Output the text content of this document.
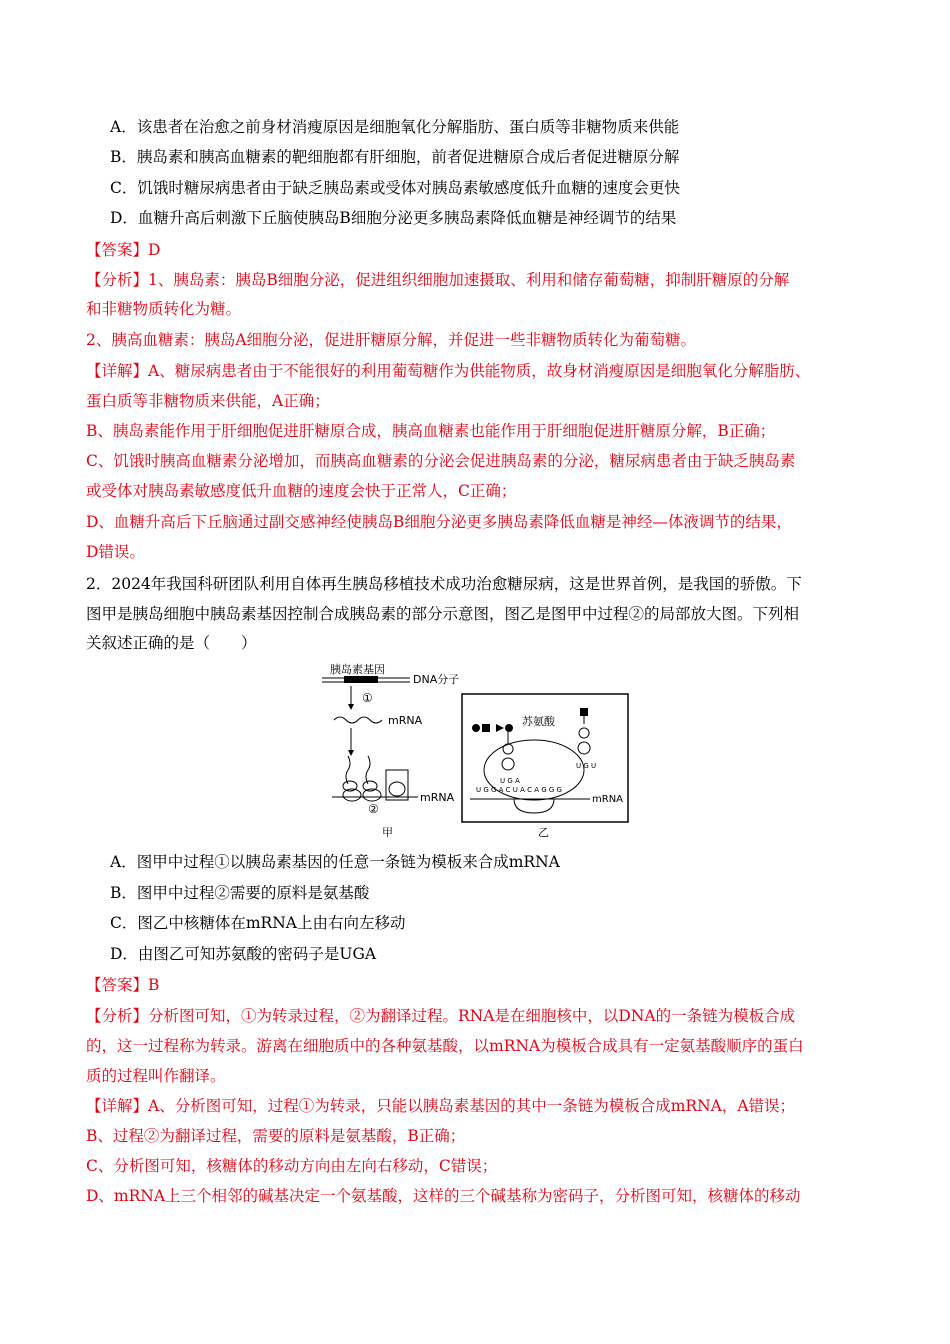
A．该患者在治愈之前身材消瘦原因是细胞氧化分解脂肪、蛋白质等非糖物质来供能
B．胰岛素和胰高血糖素的靶细胞都有肝细胞，前者促进糖原合成后者促进糖原分解
C．饥饿时糖尿病患者由于缺乏胰岛素或受体对胰岛素敏感度低升血糖的速度会更快
D．血糖升高后刺激下丘脑使胰岛B细胞分泌更多胰岛素降低血糖是神经调节的结果
【答案】D
【分析】1、胰岛素：胰岛B细胞分泌，促进组织细胞加速摄取、利用和储存葡萄糖，抑制肝糖原的分解
和非糖物质转化为糖。
2、胰高血糖素：胰岛A细胞分泌，促进肝糖原分解，并促进一些非糖物质转化为葡萄糖。
【详解】A、糖尿病患者由于不能很好的利用葡萄糖作为供能物质，故身材消瘦原因是细胞氧化分解脂肪、
蛋白质等非糖物质来供能，A正确；
B、胰岛素能作用于肝细胞促进肝糖原合成，胰高血糖素也能作用于肝细胞促进肝糖原分解，B正确；
C、饥饿时胰高血糖素分泌增加，而胰高血糖素的分泌会促进胰岛素的分泌，糖尿病患者由于缺乏胰岛素
或受体对胰岛素敏感度低升血糖的速度会快于正常人，C正确；
D、血糖升高后下丘脑通过副交感神经使胰岛B细胞分泌更多胰岛素降低血糖是神经—体液调节的结果，
D错误。
2．2024年我国科研团队利用自体再生胰岛移植技术成功治愈糖尿病，这是世界首例，是我国的骄傲。下
图甲是胰岛细胞中胰岛素基因控制合成胰岛素的部分示意图，图乙是图甲中过程②的局部放大图。下列相
关叙述正确的是（　　）
胰岛素基因
DNA分子
①
mRNA
②
mRNA
甲
苏氨酸
U G A
U G U
U G G A C U A C A G G G
mRNA
乙
A．图甲中过程①以胰岛素基因的任意一条链为模板来合成mRNA
B．图甲中过程②需要的原料是氨基酸
C．图乙中核糖体在mRNA上由右向左移动
D．由图乙可知苏氨酸的密码子是UGA
【答案】B
【分析】分析图可知，①为转录过程，②为翻译过程。RNA是在细胞核中，以DNA的一条链为模板合成
的，这一过程称为转录。游离在细胞质中的各种氨基酸，以mRNA为模板合成具有一定氨基酸顺序的蛋白
质的过程叫作翻译。
【详解】A、分析图可知，过程①为转录，只能以胰岛素基因的其中一条链为模板合成mRNA，A错误；
B、过程②为翻译过程，需要的原料是氨基酸，B正确；
C、分析图可知，核糖体的移动方向由左向右移动，C错误；
D、mRNA上三个相邻的碱基决定一个氨基酸，这样的三个碱基称为密码子，分析图可知，核糖体的移动
